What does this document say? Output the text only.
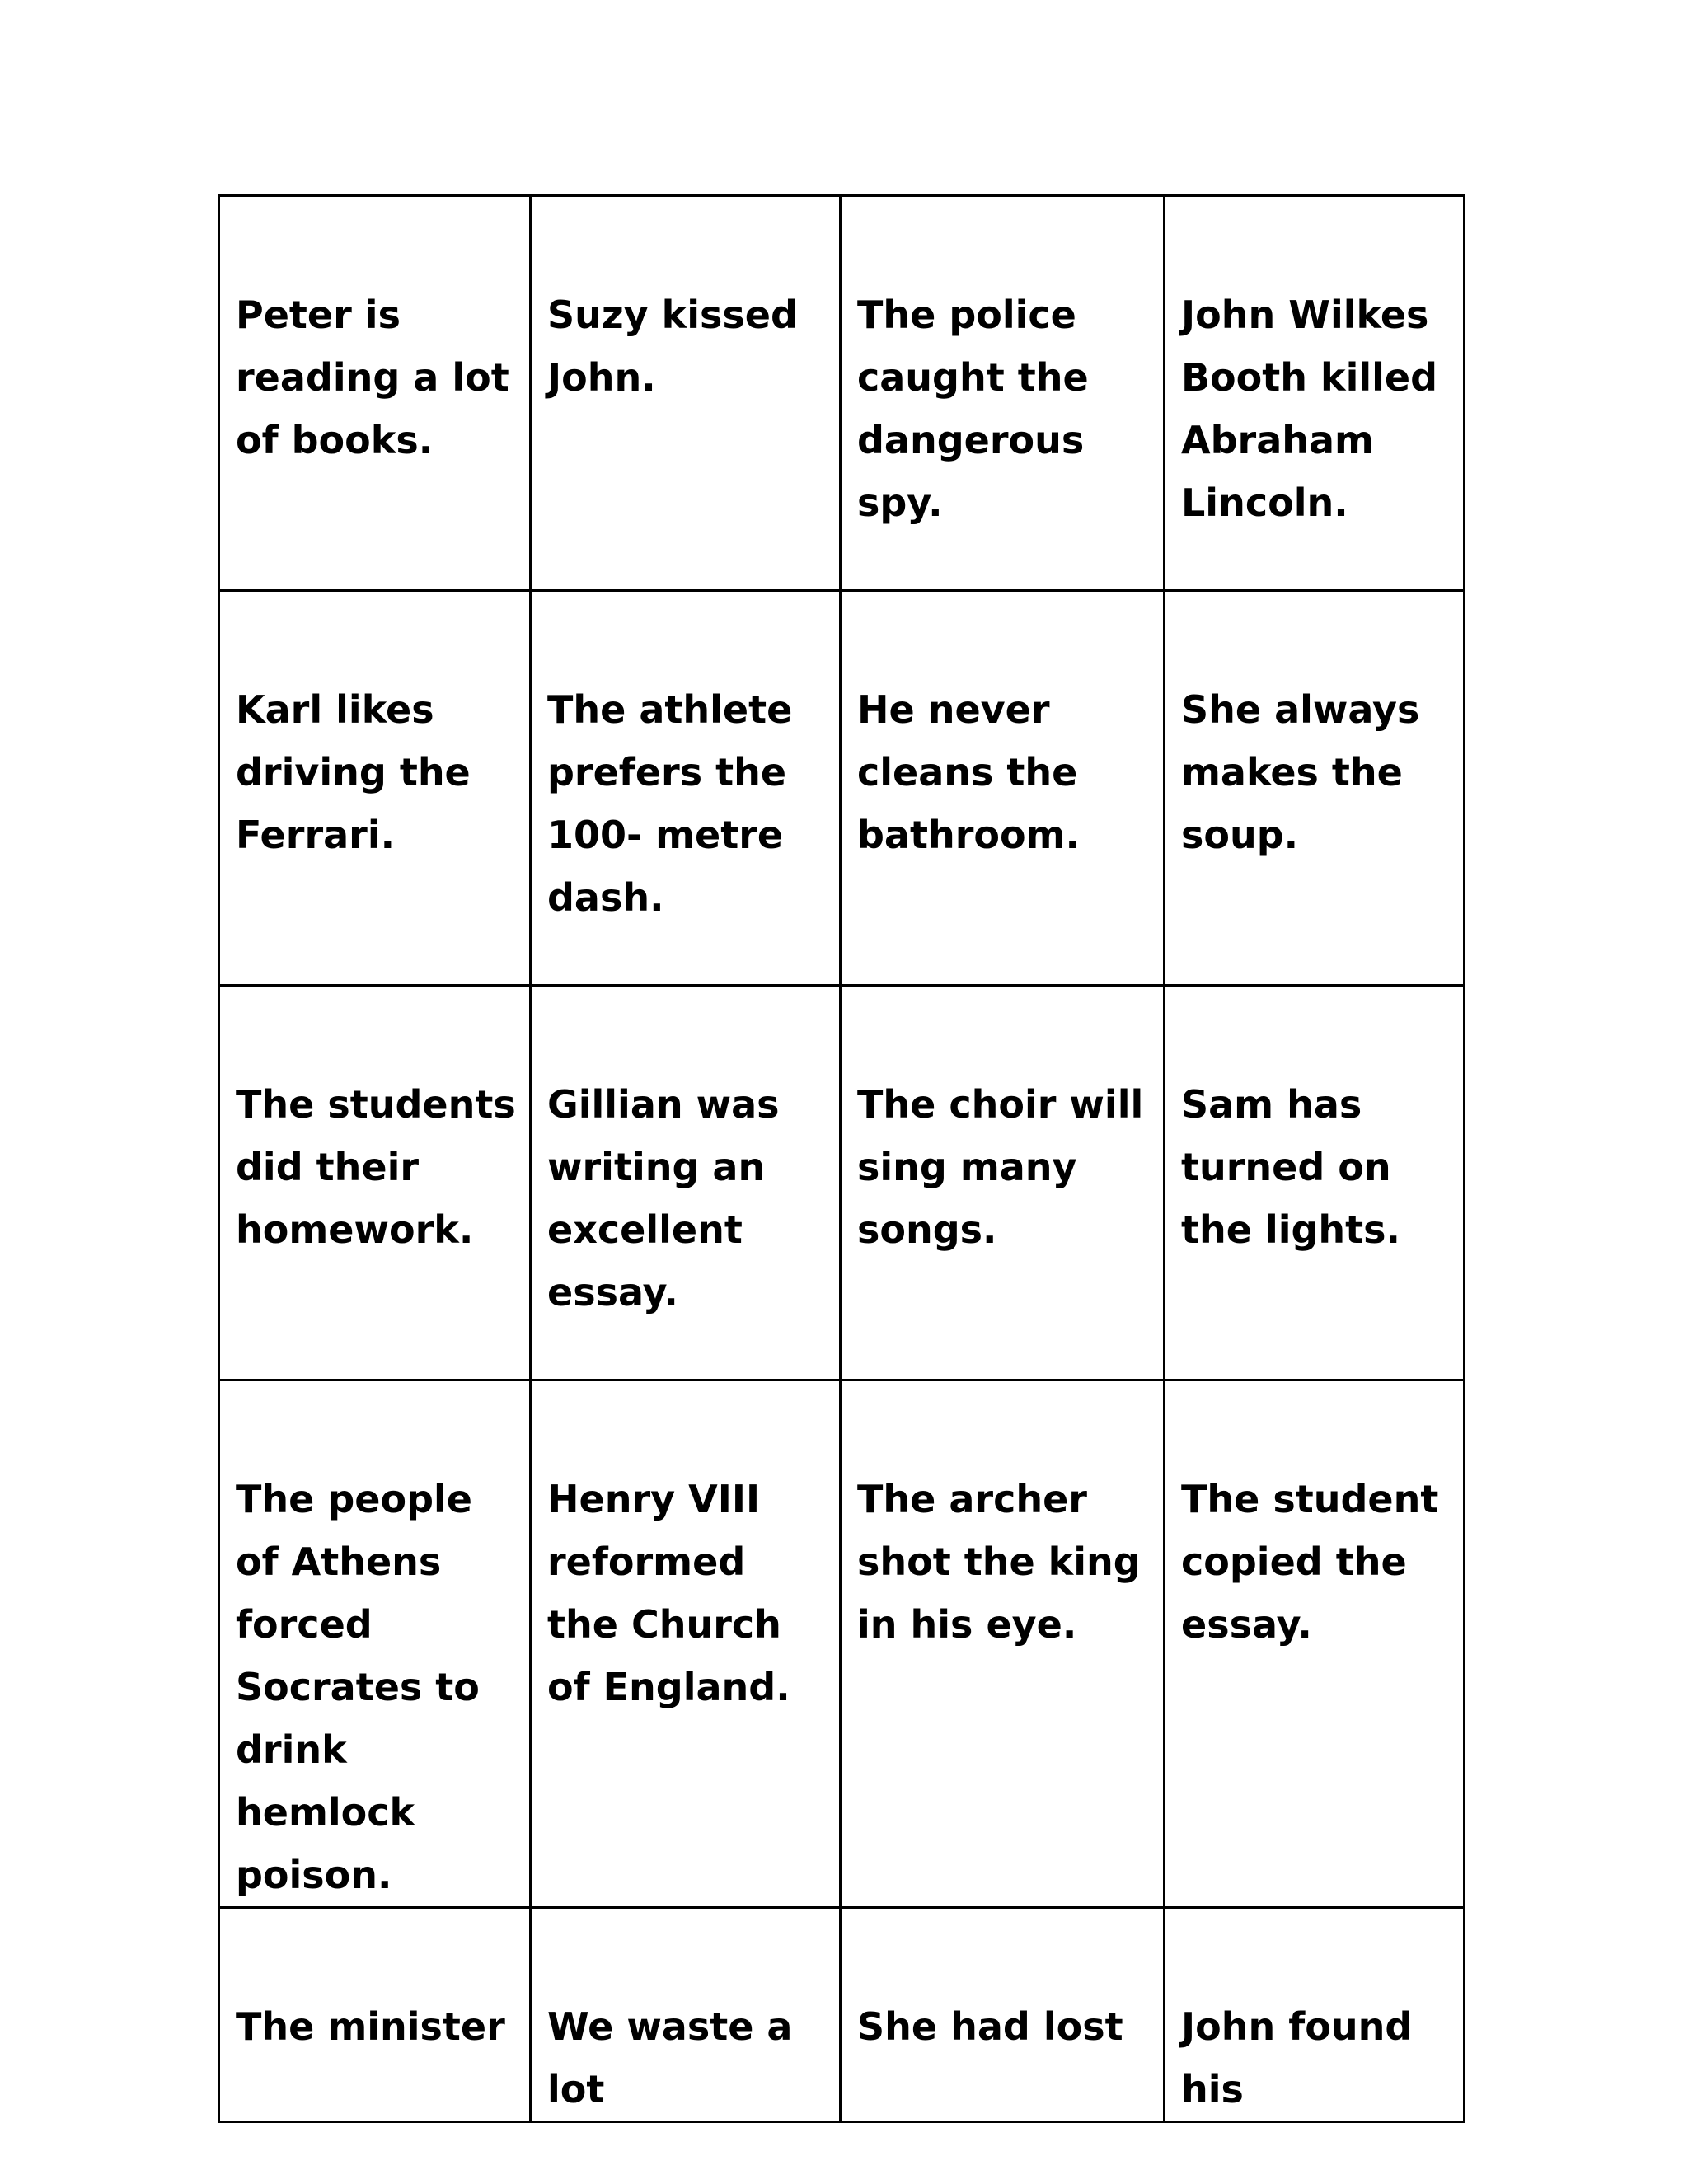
Peter is reading a lot of books.	Suzy kissed John.	The police caught the dangerous spy.	John Wilkes Booth killed Abraham Lincoln.

Karl likes driving the Ferrari.	The athlete prefers the 100- metre dash.	He never cleans the bathroom.	She always makes the soup.

The students did their homework.	Gillian was writing an excellent essay.	The choir will sing many songs.	Sam has turned on the lights.

The people of Athens forced Socrates to drink hemlock poison.	Henry VIII reformed the Church of England.	The archer shot the king in his eye.	The student copied the essay.

The minister	We waste a lot	She had lost	John found his
